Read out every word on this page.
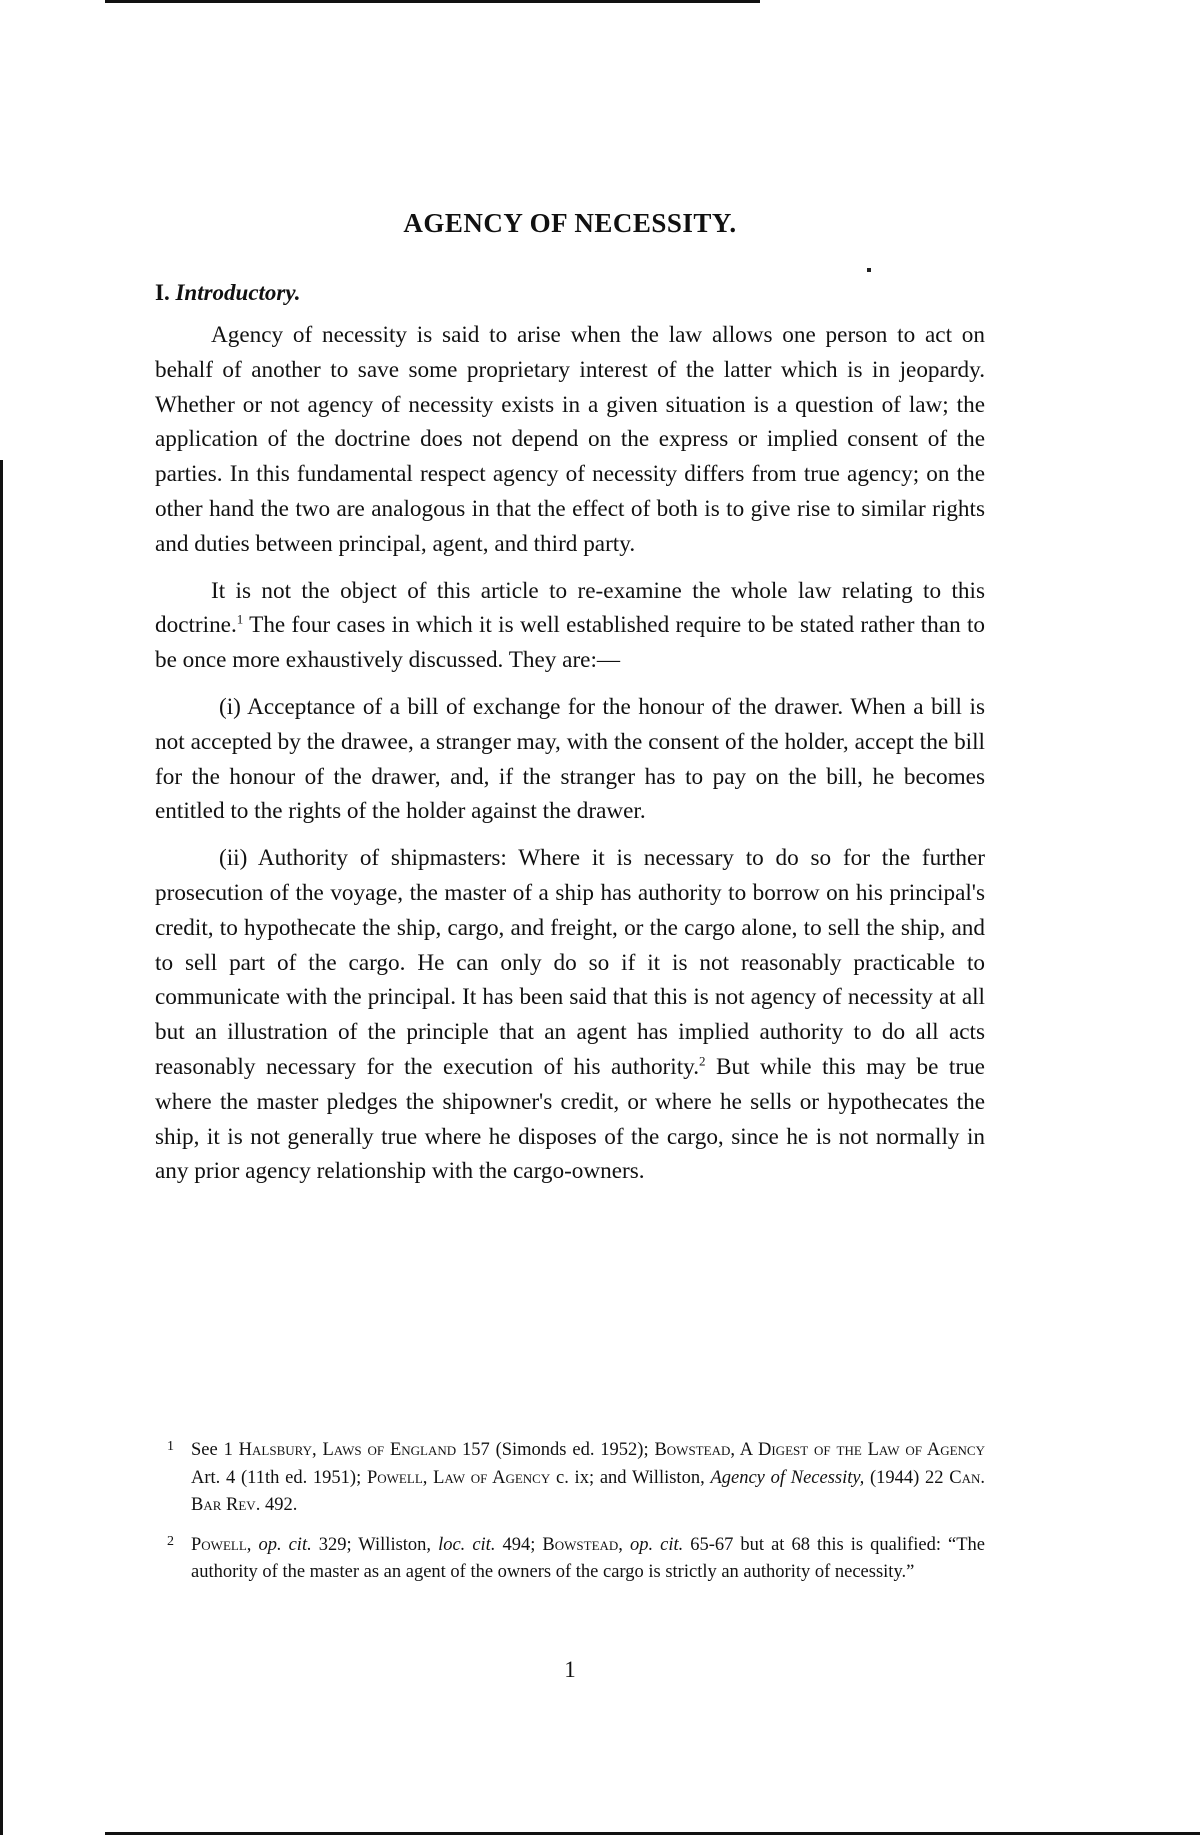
AGENCY OF NECESSITY.
I. Introductory.

Agency of necessity is said to arise when the law allows one person to act on behalf of another to save some proprietary interest of the latter which is in jeopardy. Whether or not agency of necessity exists in a given situation is a question of law; the application of the doctrine does not depend on the express or implied consent of the parties. In this fundamental respect agency of necessity differs from true agency; on the other hand the two are analogous in that the effect of both is to give rise to similar rights and duties between principal, agent, and third party.

It is not the object of this article to re-examine the whole law relating to this doctrine.$^1$ The four cases in which it is well established require to be stated rather than to be once more exhaustively discussed. They are:—

(i) Acceptance of a bill of exchange for the honour of the drawer. When a bill is not accepted by the drawee, a stranger may, with the consent of the holder, accept the bill for the honour of the drawer, and, if the stranger has to pay on the bill, he becomes entitled to the rights of the holder against the drawer.

(ii) Authority of shipmasters: Where it is necessary to do so for the further prosecution of the voyage, the master of a ship has authority to borrow on his principal's credit, to hypothecate the ship, cargo, and freight, or the cargo alone, to sell the ship, and to sell part of the cargo. He can only do so if it is not reasonably practicable to communicate with the principal. It has been said that this is not agency of necessity at all but an illustration of the principle that an agent has implied authority to do all acts reasonably necessary for the execution of his authority.$^2$ But while this may be true where the master pledges the shipowner's credit, or where he sells or hypothecates the ship, it is not generally true where he disposes of the cargo, since he is not normally in any prior agency relationship with the cargo-owners.

1 See 1 Halsbury, Laws of England 157 (Simonds ed. 1952); Bowstead, A Digest of the Law of Agency Art. 4 (11th ed. 1951); Powell, Law of Agency c. ix; and Williston, Agency of Necessity, (1944) 22 Can. Bar Rev. 492.
2 Powell, op. cit. 329; Williston, loc. cit. 494; Bowstead, op. cit. 65-67 but at 68 this is qualified: “The authority of the master as an agent of the owners of the cargo is strictly an authority of necessity.”
1
